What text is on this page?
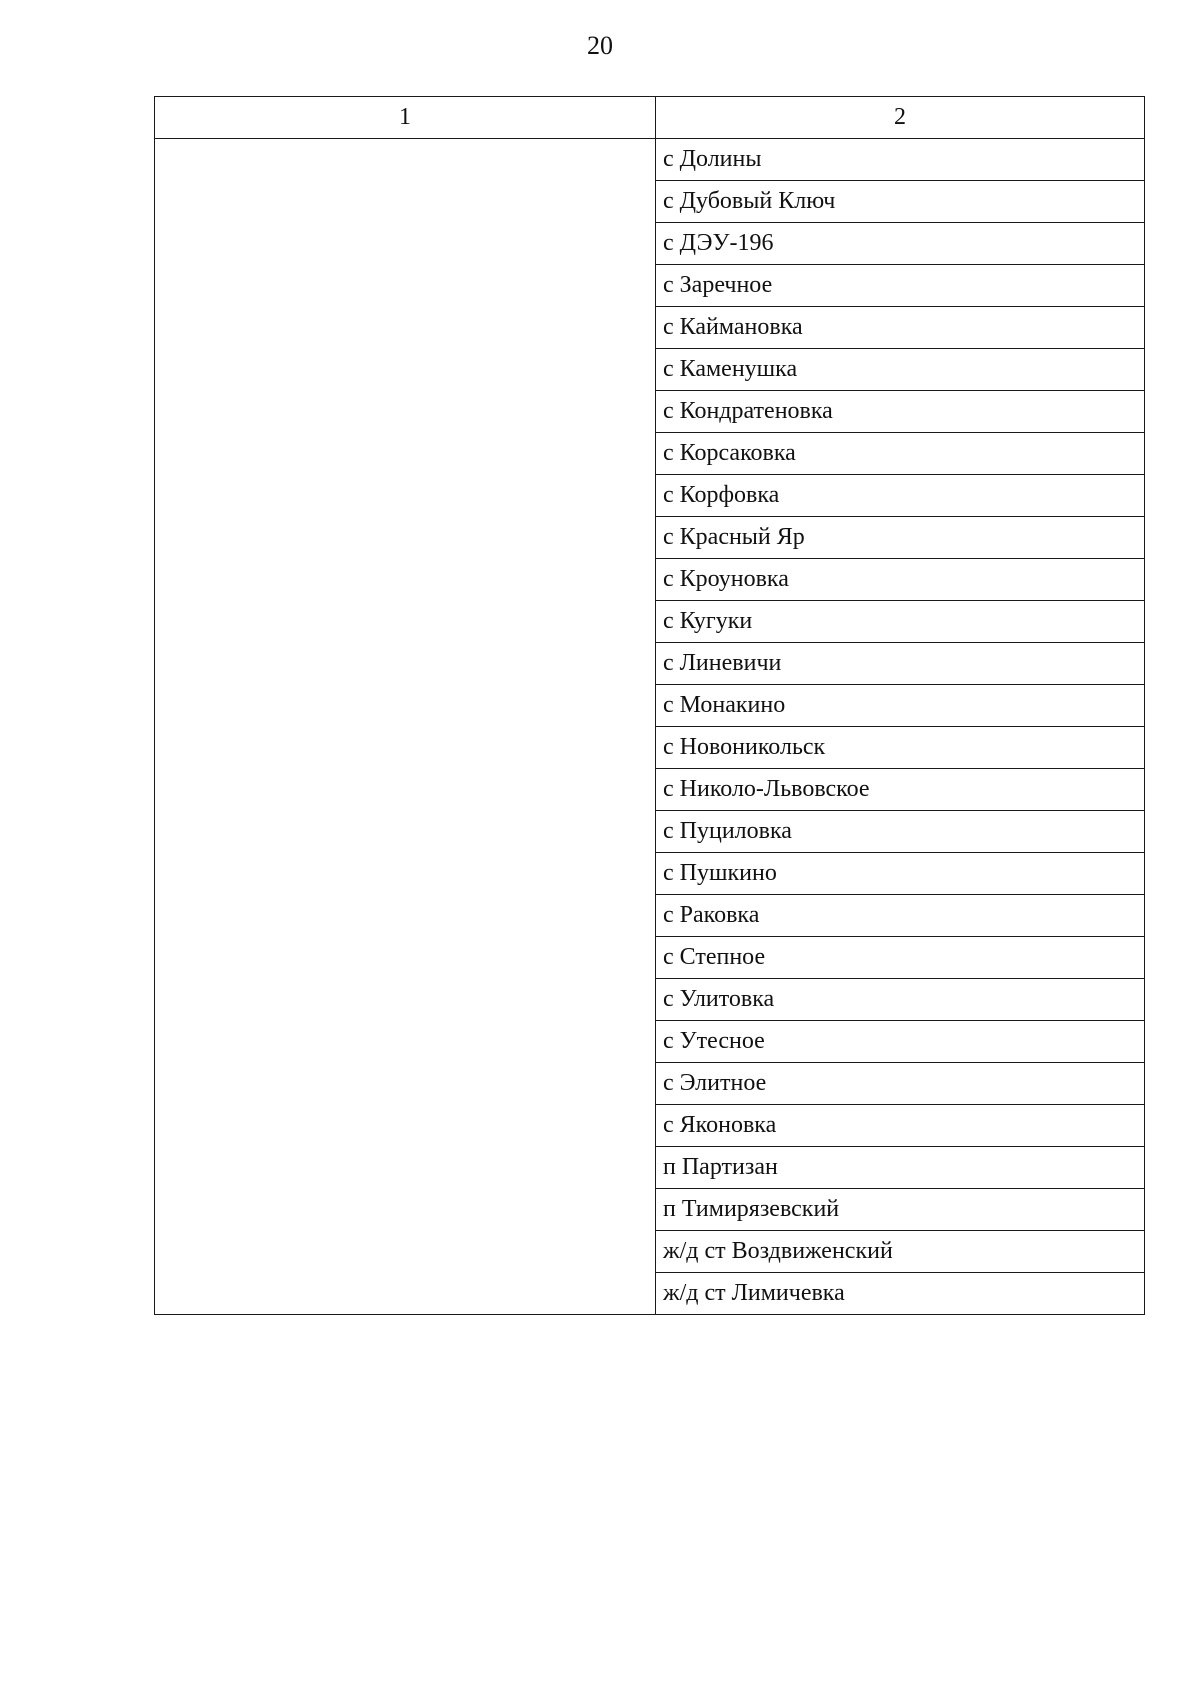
20
1	2
	с Долины
	с Дубовый Ключ
	с ДЭУ-196
	с Заречное
	с Каймановка
	с Каменушка
	с Кондратеновка
	с Корсаковка
	с Корфовка
	с Красный Яр
	с Кроуновка
	с Кугуки
	с Линевичи
	с Монакино
	с Новоникольск
	с Николо-Львовское
	с Пуциловка
	с Пушкино
	с Раковка
	с Степное
	с Улитовка
	с Утесное
	с Элитное
	с Яконовка
	п Партизан
	п Тимирязевский
	ж/д ст Воздвиженский
	ж/д ст Лимичевка
